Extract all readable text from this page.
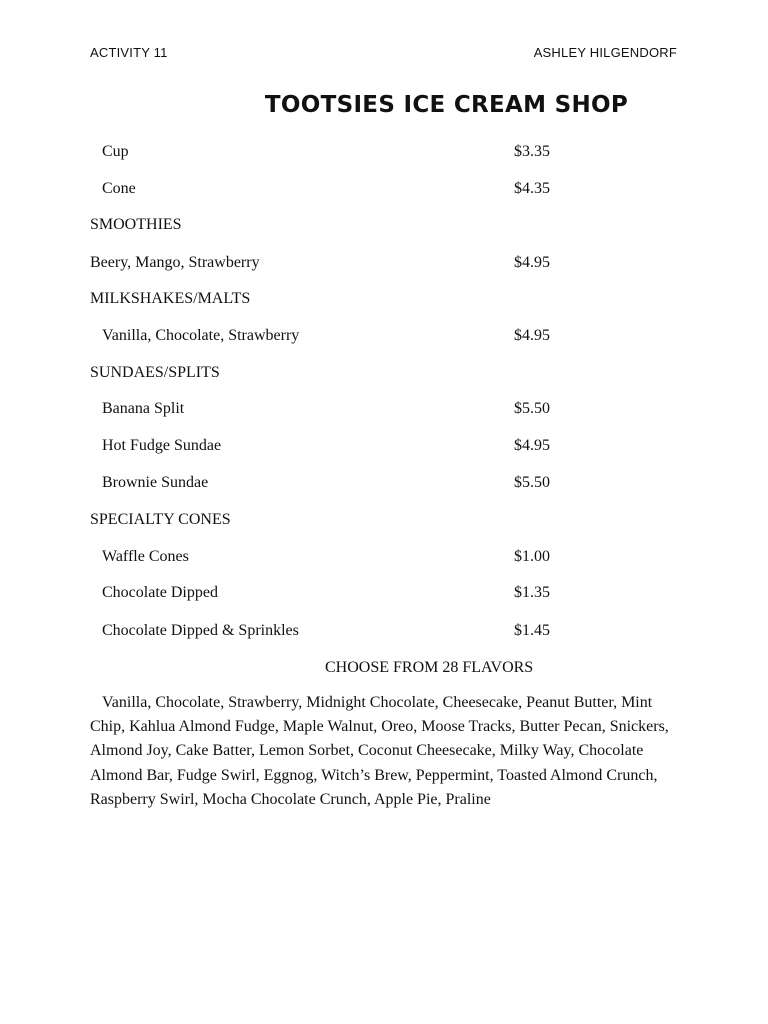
ACTIVITY 11	ASHLEY HILGENDORF
TOOTSIES ICE CREAM SHOP
Cup	$3.35
Cone	$4.35
SMOOTHIES
Beery, Mango, Strawberry	$4.95
MILKSHAKES/MALTS
Vanilla, Chocolate, Strawberry	$4.95
SUNDAES/SPLITS
Banana Split	$5.50
Hot Fudge Sundae	$4.95
Brownie Sundae	$5.50
SPECIALTY CONES
Waffle Cones	$1.00
Chocolate Dipped	$1.35
Chocolate Dipped & Sprinkles	$1.45
CHOOSE FROM 28 FLAVORS
Vanilla, Chocolate, Strawberry, Midnight Chocolate, Cheesecake, Peanut Butter, Mint Chip, Kahlua Almond Fudge, Maple Walnut, Oreo, Moose Tracks, Butter Pecan, Snickers, Almond Joy, Cake Batter, Lemon Sorbet, Coconut Cheesecake, Milky Way, Chocolate Almond Bar, Fudge Swirl, Eggnog, Witch’s Brew, Peppermint, Toasted Almond Crunch, Raspberry Swirl, Mocha Chocolate Crunch, Apple Pie, Praline
